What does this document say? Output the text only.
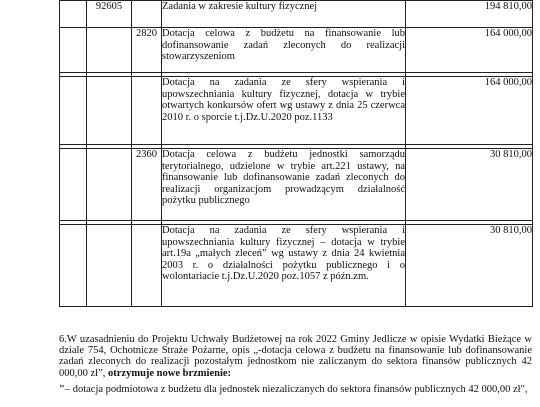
	92605		Zadania w zakresie kultury fizycznej	194 810,00
		2820	Dotacja celowa z budżetu na finansowanie lub dofinansowanie zadań zleconych do realizacji stowarzyszeniom	164 000,00

			Dotacja na zadania ze sfery wspierania i upowszechniania kultury fizycznej, dotacja w trybie otwartych konkursów ofert wg ustawy z dnia 25 czerwca 2010 r. o sporcie t.j.Dz.U.2020 poz.1133	164 000,00

		2360	Dotacja celowa z budżetu jednostki samorządu terytorialnego, udzielone w trybie art.221 ustawy, na finansowanie lub dofinansowanie zadań zleconych do realizacji organizacjom prowadzącym działalność pożytku publicznego	30 810,00

			Dotacja na zadania ze sfery wspierania i upowszechniania kultury fizycznej – dotacja w trybie art.19a „małych zleceń” wg ustawy z dnia 24 kwietnia 2003 r. o działalności pożytku publicznego i o wolontariacie t.j.Dz.U.2020 poz.1057 z późn.zm.	30 810,00

6.W uzasadnieniu do Projektu Uchwały Budżetowej na rok 2022 Gminy Jedlicze w opisie Wydatki Bieżące w dziale 754, Ochotnicze Straże Pożarne, opis „-dotacja celowa z budżetu na finansowanie lub dofinansowanie zadań zleconych do realizacji pozostałym jednostkom nie zaliczanym do sektora finansów publicznych 42 000,00 zł”, otrzymuje nowe brzmienie:

"– dotacja podmiotowa z budżetu dla jednostek niezaliczanych do sektora finansów publicznych 42 000,00 zł",
